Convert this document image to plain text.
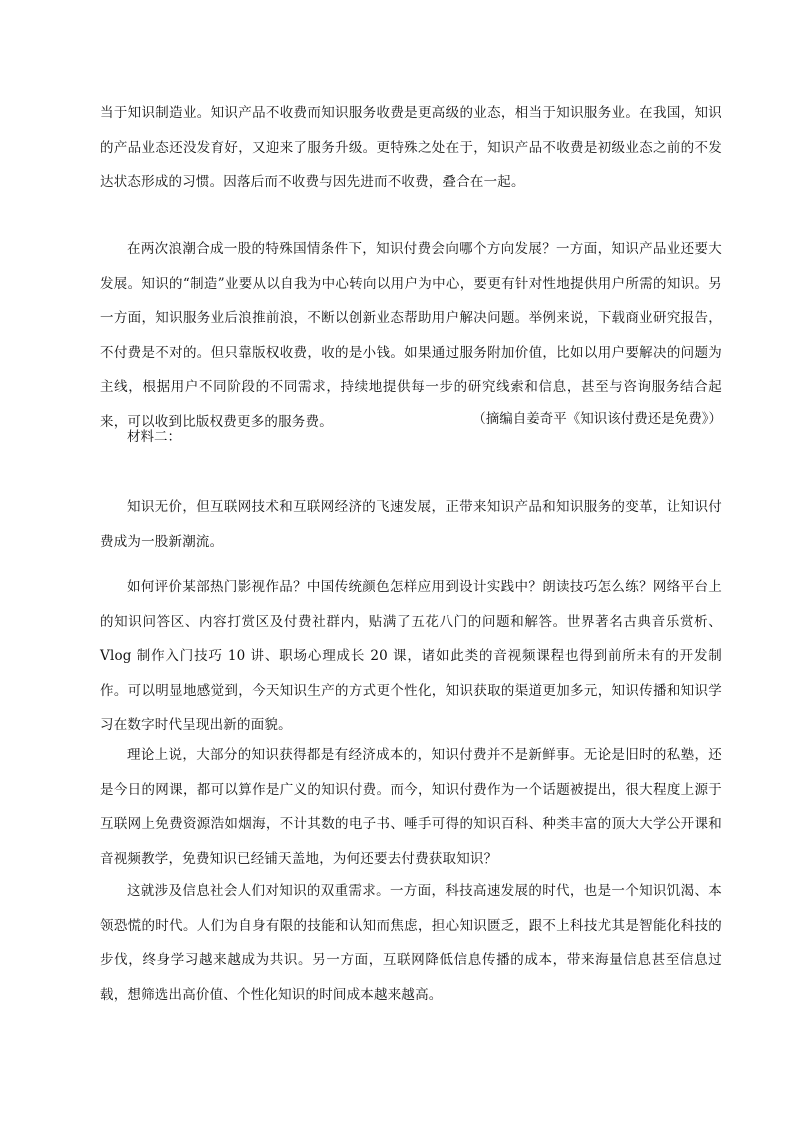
当于知识制造业。知识产品不收费而知识服务收费是更高级的业态，相当于知识服务业。在我国，知识的产品业态还没发育好，又迎来了服务升级。更特殊之处在于，知识产品不收费是初级业态之前的不发达状态形成的习惯。因落后而不收费与因先进而不收费，叠合在一起。

在两次浪潮合成一股的特殊国情条件下，知识付费会向哪个方向发展？一方面，知识产品业还要大发展。知识的“制造”业要从以自我为中心转向以用户为中心，要更有针对性地提供用户所需的知识。另一方面，知识服务业后浪推前浪，不断以创新业态帮助用户解决问题。举例来说，下载商业研究报告，不付费是不对的。但只靠版权收费，收的是小钱。如果通过服务附加价值，比如以用户要解决的问题为主线，根据用户不同阶段的不同需求，持续地提供每一步的研究线索和信息，甚至与咨询服务结合起来，可以收到比版权费更多的服务费。	（摘编自姜奇平《知识该付费还是免费》）

材料二：

知识无价，但互联网技术和互联网经济的飞速发展，正带来知识产品和知识服务的变革，让知识付费成为一股新潮流。

如何评价某部热门影视作品？中国传统颜色怎样应用到设计实践中？朗读技巧怎么练？网络平台上的知识问答区、内容打赏区及付费社群内，贴满了五花八门的问题和解答。世界著名古典音乐赏析、Vlog 制作入门技巧 10 讲、职场心理成长 20 课，诸如此类的音视频课程也得到前所未有的开发制作。可以明显地感觉到，今天知识生产的方式更个性化，知识获取的渠道更加多元，知识传播和知识学习在数字时代呈现出新的面貌。

理论上说，大部分的知识获得都是有经济成本的，知识付费并不是新鲜事。无论是旧时的私塾，还是今日的网课，都可以算作是广义的知识付费。而今，知识付费作为一个话题被提出，很大程度上源于互联网上免费资源浩如烟海，不计其数的电子书、唾手可得的知识百科、种类丰富的顶大大学公开课和音视频教学，免费知识已经铺天盖地，为何还要去付费获取知识？

这就涉及信息社会人们对知识的双重需求。一方面，科技高速发展的时代，也是一个知识饥渴、本领恐慌的时代。人们为自身有限的技能和认知而焦虑，担心知识匮乏，跟不上科技尤其是智能化科技的步伐，终身学习越来越成为共识。另一方面，互联网降低信息传播的成本，带来海量信息甚至信息过载，想筛选出高价值、个性化知识的时间成本越来越高。
